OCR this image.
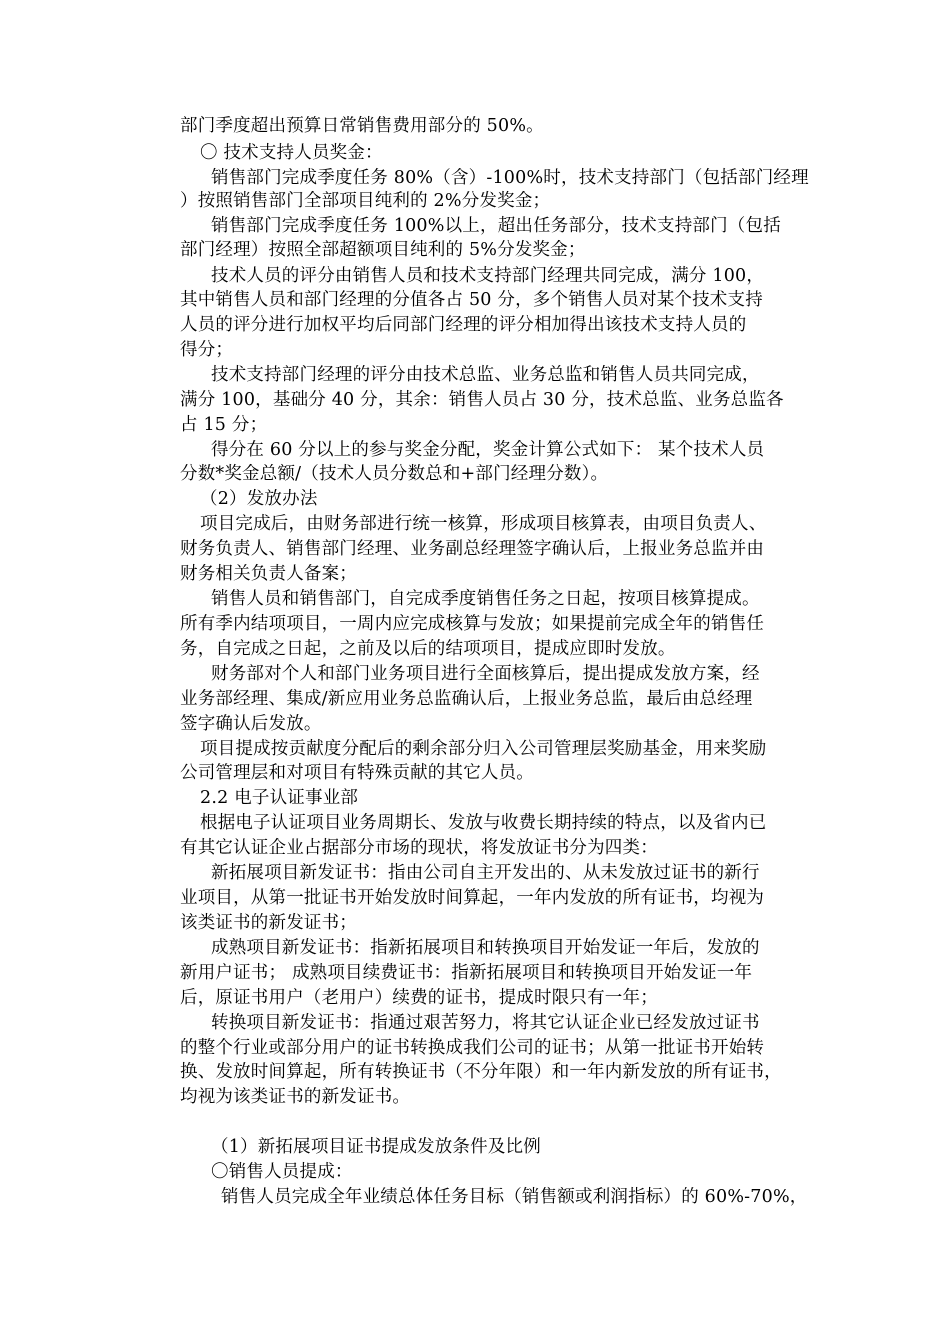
部门季度超出预算日常销售费用部分的 50%。
〇 技术支持人员奖金：
销售部门完成季度任务 80%（含）-100%时，技术支持部门（包括部门经理
）按照销售部门全部项目纯利的 2%分发奖金；
销售部门完成季度任务 100%以上，超出任务部分，技术支持部门（包括
部门经理）按照全部超额项目纯利的 5%分发奖金；
技术人员的评分由销售人员和技术支持部门经理共同完成，满分 100，
其中销售人员和部门经理的分值各占 50 分，多个销售人员对某个技术支持
人员的评分进行加权平均后同部门经理的评分相加得出该技术支持人员的
得分；
技术支持部门经理的评分由技术总监、业务总监和销售人员共同完成，
满分 100，基础分 40 分，其余：销售人员占 30 分，技术总监、业务总监各
占 15 分；
得分在 60 分以上的参与奖金分配，奖金计算公式如下： 某个技术人员
分数*奖金总额/（技术人员分数总和+部门经理分数）。
（2）发放办法
项目完成后，由财务部进行统一核算，形成项目核算表，由项目负责人、
财务负责人、销售部门经理、业务副总经理签字确认后，上报业务总监并由
财务相关负责人备案；
销售人员和销售部门，自完成季度销售任务之日起，按项目核算提成。
所有季内结项项目，一周内应完成核算与发放；如果提前完成全年的销售任
务，自完成之日起，之前及以后的结项项目，提成应即时发放。
财务部对个人和部门业务项目进行全面核算后，提出提成发放方案，经
业务部经理、集成/新应用业务总监确认后，上报业务总监，最后由总经理
签字确认后发放。
项目提成按贡献度分配后的剩余部分归入公司管理层奖励基金，用来奖励
公司管理层和对项目有特殊贡献的其它人员。
2.2 电子认证事业部
根据电子认证项目业务周期长、发放与收费长期持续的特点，以及省内已
有其它认证企业占据部分市场的现状，将发放证书分为四类：
新拓展项目新发证书：指由公司自主开发出的、从未发放过证书的新行
业项目，从第一批证书开始发放时间算起，一年内发放的所有证书，均视为
该类证书的新发证书；
成熟项目新发证书：指新拓展项目和转换项目开始发证一年后，发放的
新用户证书； 成熟项目续费证书：指新拓展项目和转换项目开始发证一年
后，原证书用户（老用户）续费的证书，提成时限只有一年；
转换项目新发证书：指通过艰苦努力，将其它认证企业已经发放过证书
的整个行业或部分用户的证书转换成我们公司的证书；从第一批证书开始转
换、发放时间算起，所有转换证书（不分年限）和一年内新发放的所有证书，
均视为该类证书的新发证书。
（1）新拓展项目证书提成发放条件及比例
〇销售人员提成：
销售人员完成全年业绩总体任务目标（销售额或利润指标）的 60%-70%，
